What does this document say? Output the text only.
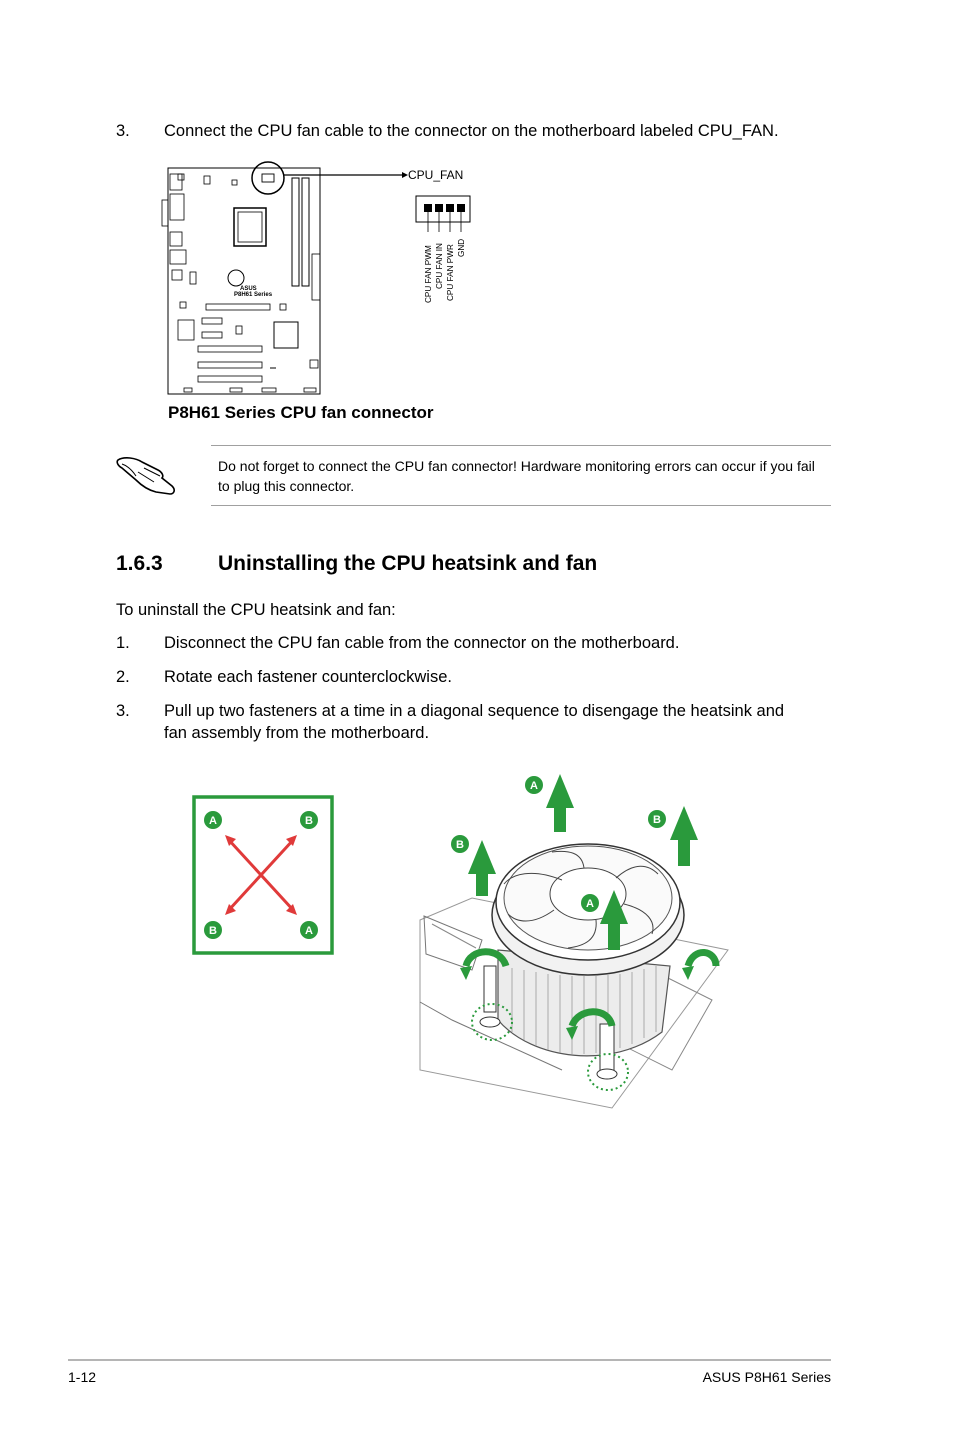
3. Connect the CPU fan cable to the connector on the motherboard labeled CPU_FAN.
ASUS
P8H61 Series
CPU_FAN
CPU FAN PWM CPU FAN IN CPU FAN PWR GND
P8H61 Series CPU fan connector
Do not forget to connect the CPU fan connector! Hardware monitoring errors can occur if you fail to plug this connector.
1.6.3	Uninstalling the CPU heatsink and fan
To uninstall the CPU heatsink and fan:
1. Disconnect the CPU fan cable from the connector on the motherboard.
2. Rotate each fastener counterclockwise.
3. Pull up two fasteners at a time in a diagonal sequence to disengage the heatsink and
fan assembly from the motherboard.
A	B
B	A
A
B
B
A
1-12	ASUS P8H61 Series
